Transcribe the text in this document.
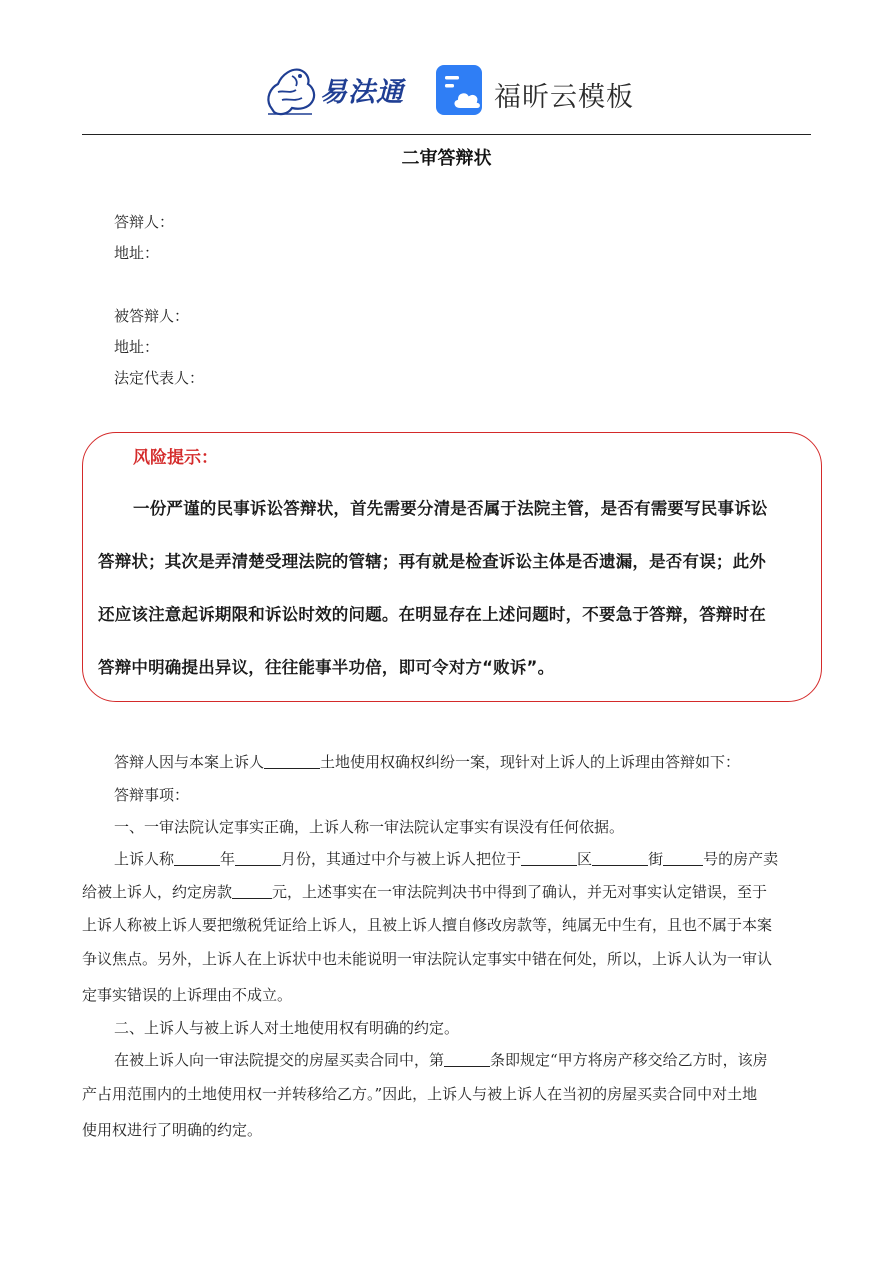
易法通	福昕云模板
二审答辩状
答辩人：
地址：
被答辩人：
地址：
法定代表人：
风险提示：
一份严谨的民事诉讼答辩状，首先需要分清是否属于法院主管，是否有需要写民事诉讼
答辩状；其次是弄清楚受理法院的管辖；再有就是检查诉讼主体是否遗漏，是否有误；此外
还应该注意起诉期限和诉讼时效的问题。在明显存在上述问题时，不要急于答辩，答辩时在
答辩中明确提出异议，往往能事半功倍，即可令对方“败诉”。
答辩人因与本案上诉人	土地使用权确权纠纷一案，现针对上诉人的上诉理由答辩如下：
答辩事项：
一、一审法院认定事实正确，上诉人称一审法院认定事实有误没有任何依据。
上诉人称	年	月份，其通过中介与被上诉人把位于	区	街	号的房产卖
给被上诉人，约定房款	元，上述事实在一审法院判决书中得到了确认，并无对事实认定错误，至于
上诉人称被上诉人要把缴税凭证给上诉人，且被上诉人擅自修改房款等，纯属无中生有，且也不属于本案
争议焦点。另外，上诉人在上诉状中也未能说明一审法院认定事实中错在何处，所以，上诉人认为一审认
定事实错误的上诉理由不成立。
二、上诉人与被上诉人对土地使用权有明确的约定。
在被上诉人向一审法院提交的房屋买卖合同中，第	条即规定“甲方将房产移交给乙方时，该房
产占用范围内的土地使用权一并转移给乙方。”因此，上诉人与被上诉人在当初的房屋买卖合同中对土地
使用权进行了明确的约定。
